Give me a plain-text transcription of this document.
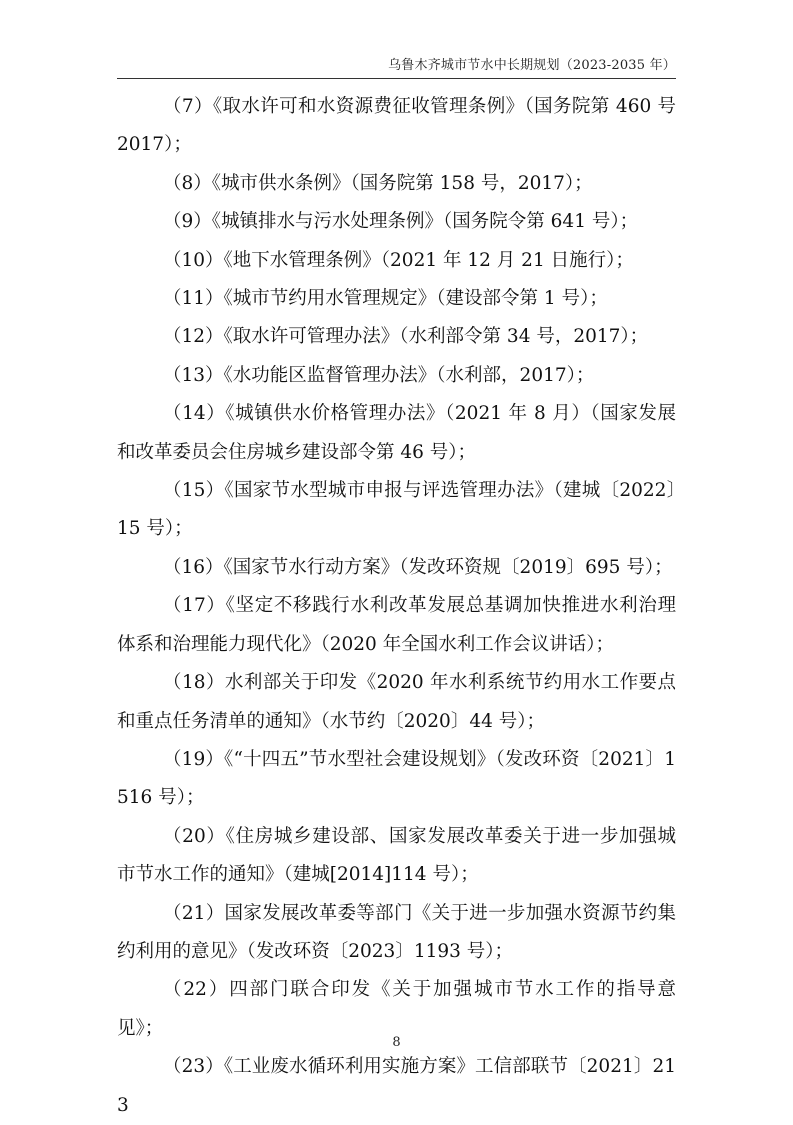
乌鲁木齐城市节水中长期规划（2023-2035 年）

（7）《取水许可和水资源费征收管理条例》（国务院第 460 号 2017）；

（8）《城市供水条例》（国务院第 158 号，2017）；

（9）《城镇排水与污水处理条例》（国务院令第 641 号）；

（10）《地下水管理条例》（2021 年 12 月 21 日施行）；

（11）《城市节约用水管理规定》（建设部令第 1 号）；

（12）《取水许可管理办法》（水利部令第 34 号，2017）；

（13）《水功能区监督管理办法》（水利部，2017）；

（14）《城镇供水价格管理办法》（2021 年 8 月）（国家发展和改革委员会住房城乡建设部令第 46 号）；

（15）《国家节水型城市申报与评选管理办法》（建城〔2022〕15 号）；

（16）《国家节水行动方案》（发改环资规〔2019〕695 号）；

（17）《坚定不移践行水利改革发展总基调加快推进水利治理体系和治理能力现代化》（2020 年全国水利工作会议讲话）；

（18）水利部关于印发《2020 年水利系统节约用水工作要点和重点任务清单的通知》（水节约〔2020〕44 号）；

（19）《“十四五”节水型社会建设规划》（发改环资〔2021〕1516 号）；

（20）《住房城乡建设部、国家发展改革委关于进一步加强城市节水工作的通知》（建城[2014]114 号）；

（21）国家发展改革委等部门《关于进一步加强水资源节约集约利用的意见》（发改环资〔2023〕1193 号）；

（22）四部门联合印发《关于加强城市节水工作的指导意见》；

（23）《工业废水循环利用实施方案》工信部联节〔2021〕213

8
